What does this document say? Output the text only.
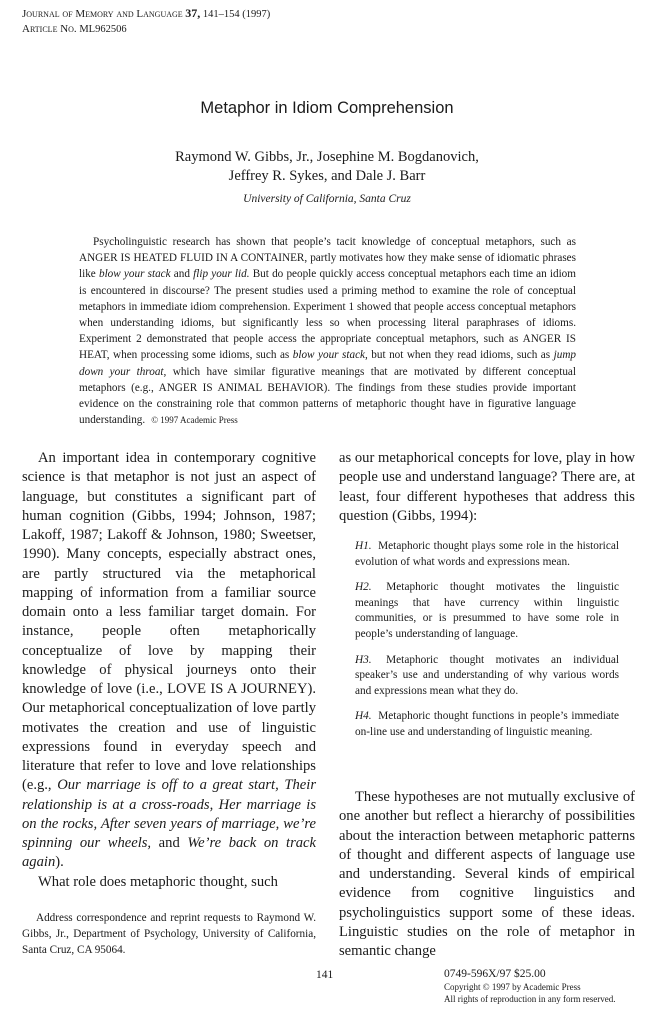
Journal of Memory and Language 37, 141–154 (1997)
Article No. ML962506
Metaphor in Idiom Comprehension
Raymond W. Gibbs, Jr., Josephine M. Bogdanovich,
Jeffrey R. Sykes, and Dale J. Barr
University of California, Santa Cruz
Psycholinguistic research has shown that people’s tacit knowledge of conceptual metaphors, such as ANGER IS HEATED FLUID IN A CONTAINER, partly motivates how they make sense of idiomatic phrases like blow your stack and flip your lid. But do people quickly access conceptual metaphors each time an idiom is encountered in discourse? The present studies used a priming method to examine the role of conceptual metaphors in immediate idiom comprehension. Experiment 1 showed that people access conceptual metaphors when understanding idioms, but significantly less so when processing literal paraphrases of idioms. Experiment 2 demonstrated that people access the appropriate conceptual metaphors, such as ANGER IS HEAT, when processing some idioms, such as blow your stack, but not when they read idioms, such as jump down your throat, which have similar figurative meanings that are motivated by different conceptual metaphors (e.g., ANGER IS ANIMAL BEHAVIOR). The findings from these studies provide important evidence on the constraining role that common patterns of metaphoric thought have in figurative language understanding. © 1997 Academic Press

An important idea in contemporary cognitive science is that metaphor is not just an aspect of language, but constitutes a significant part of human cognition (Gibbs, 1994; Johnson, 1987; Lakoff, 1987; Lakoff & Johnson, 1980; Sweetser, 1990). Many concepts, especially abstract ones, are partly structured via the metaphorical mapping of information from a familiar source domain onto a less familiar target domain. For instance, people often metaphorically conceptualize of love by mapping their knowledge of physical journeys onto their knowledge of love (i.e., LOVE IS A JOURNEY). Our metaphorical conceptualization of love partly motivates the creation and use of linguistic expressions found in everyday speech and literature that refer to love and love relationships (e.g., Our marriage is off to a great start, Their relationship is at a cross-roads, Her marriage is on the rocks, After seven years of marriage, we’re spinning our wheels, and We’re back on track again).

What role does metaphoric thought, such

as our metaphorical concepts for love, play in how people use and understand language? There are, at least, four different hypotheses that address this question (Gibbs, 1994):

H1. Metaphoric thought plays some role in the historical evolution of what words and expressions mean.
H2. Metaphoric thought motivates the linguistic meanings that have currency within linguistic communities, or is presummed to have some role in people’s understanding of language.
H3. Metaphoric thought motivates an individual speaker’s use and understanding of why various words and expressions mean what they do.
H4. Metaphoric thought functions in people’s immediate on-line use and understanding of linguistic meaning.

These hypotheses are not mutually exclusive of one another but reflect a hierarchy of possibilities about the interaction between metaphoric patterns of thought and different aspects of language use and understanding. Several kinds of empirical evidence from cognitive linguistics and psycholinguistics support some of these ideas. Linguistic studies on the role of metaphor in semantic change

Address correspondence and reprint requests to Raymond W. Gibbs, Jr., Department of Psychology, University of California, Santa Cruz, CA 95064.
141	0749-596X/97 $25.00
Copyright © 1997 by Academic Press
All rights of reproduction in any form reserved.
